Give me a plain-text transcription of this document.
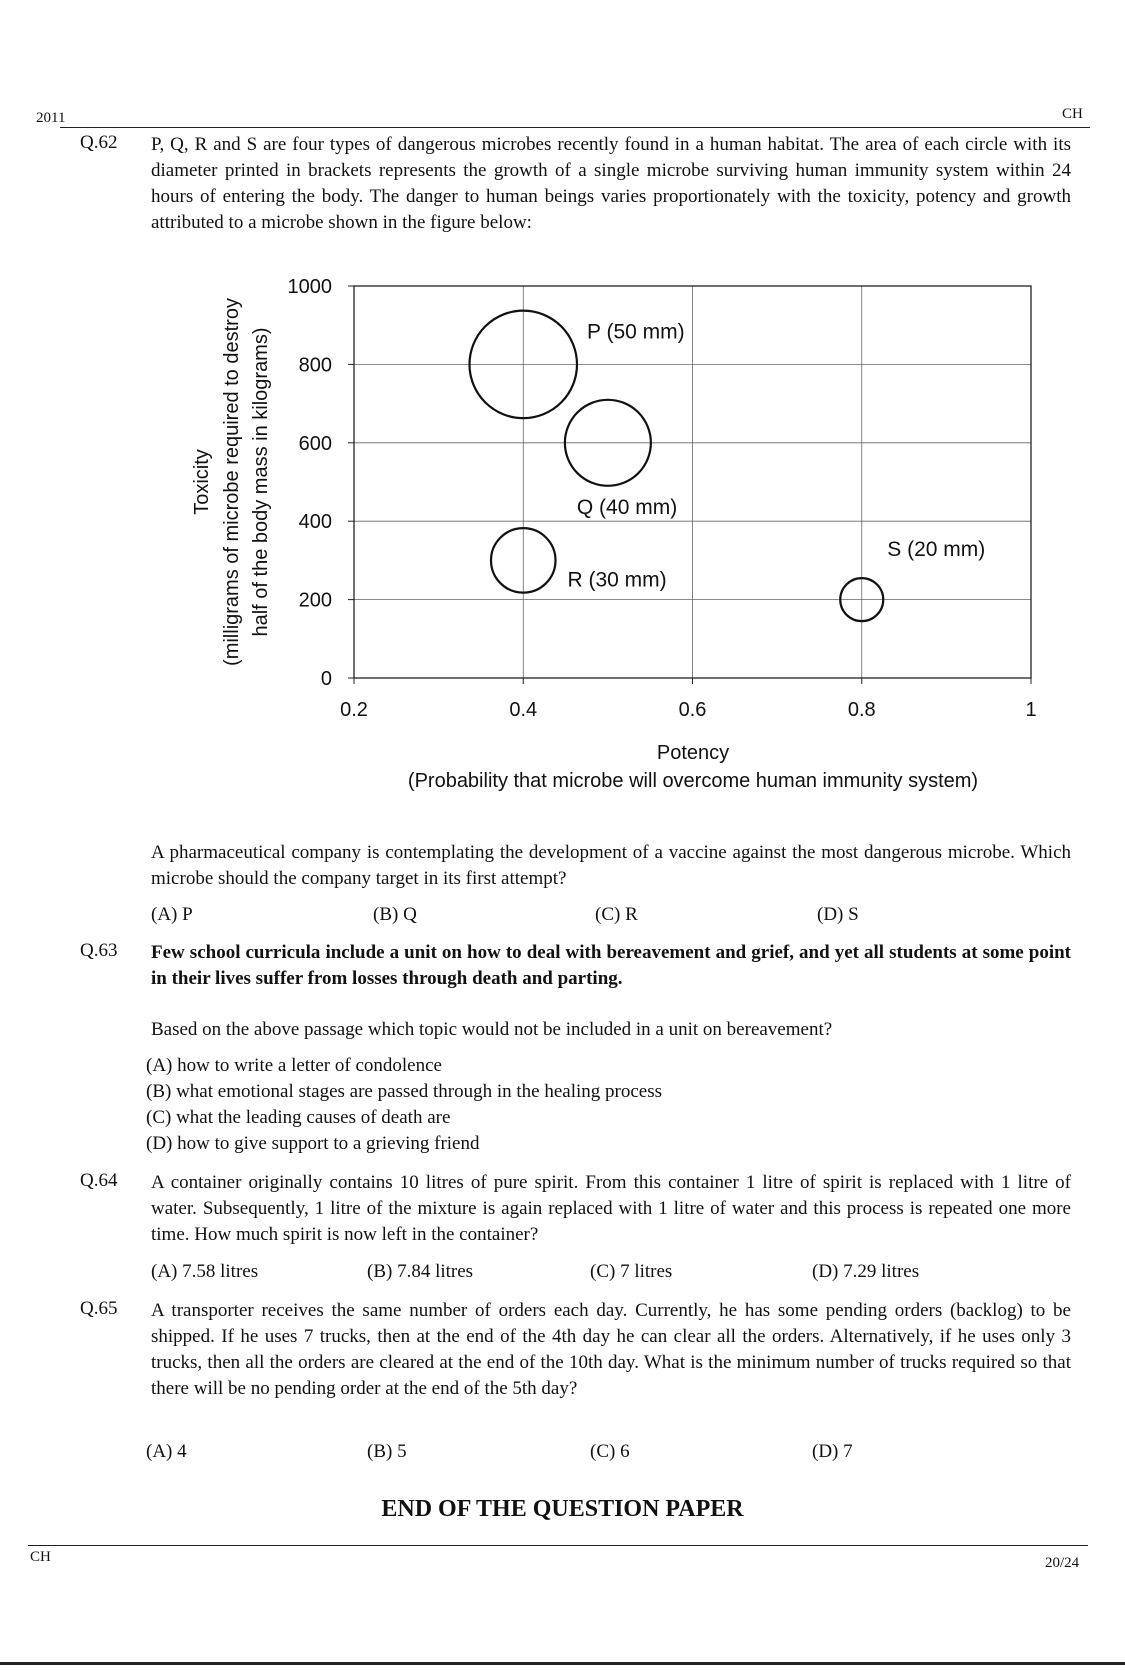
2011	CH
Q.62 P, Q, R and S are four types of dangerous microbes recently found in a human habitat. The area of each circle with its diameter printed in brackets represents the growth of a single microbe surviving human immunity system within 24 hours of entering the body. The danger to human beings varies proportionately with the toxicity, potency and growth attributed to a microbe shown in the figure below:
0.2	0.4	0.6	0.8	1
0
200
400
600
800
1000
P (50 mm)
Q (40 mm)
R (30 mm)
S (20 mm)
Potency
(Probability that microbe will overcome human immunity system)
Toxicity (milligrams of microbe required to destroy half of the body mass in kilograms)
A pharmaceutical company is contemplating the development of a vaccine against the most dangerous microbe. Which microbe should the company target in its first attempt?
(A) P	(B) Q	(C) R	(D) S
Q.63 Few school curricula include a unit on how to deal with bereavement and grief, and yet all students at some point in their lives suffer from losses through death and parting.
Based on the above passage which topic would not be included in a unit on bereavement?
(A) how to write a letter of condolence
(B) what emotional stages are passed through in the healing process
(C) what the leading causes of death are
(D) how to give support to a grieving friend
Q.64 A container originally contains 10 litres of pure spirit. From this container 1 litre of spirit is replaced with 1 litre of water. Subsequently, 1 litre of the mixture is again replaced with 1 litre of water and this process is repeated one more time. How much spirit is now left in the container?
(A) 7.58 litres	(B) 7.84 litres	(C) 7 litres	(D) 7.29 litres
Q.65 A transporter receives the same number of orders each day. Currently, he has some pending orders (backlog) to be shipped. If he uses 7 trucks, then at the end of the 4th day he can clear all the orders. Alternatively, if he uses only 3 trucks, then all the orders are cleared at the end of the 10th day. What is the minimum number of trucks required so that there will be no pending order at the end of the 5th day?
(A) 4	(B) 5	(C) 6	(D) 7
END OF THE QUESTION PAPER
CH	20/24
